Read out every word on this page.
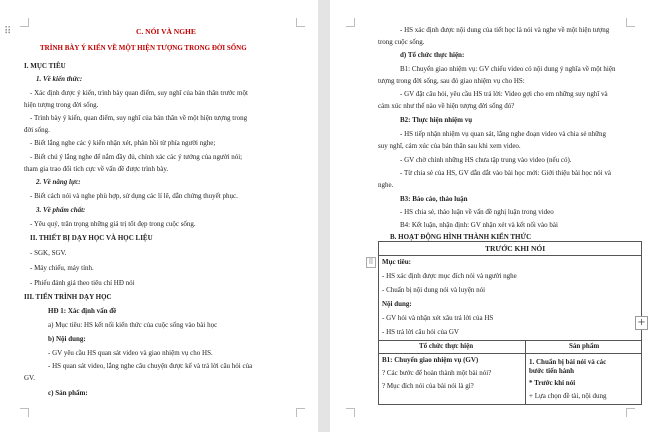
⠿	C. NÓI VÀ NGHE
TRÌNH BÀY Ý KIẾN VỀ MỘT HIỆN TƯỢNG TRONG ĐỜI SỐNG
I. MỤC TIÊU
1. Về kiến thức:
- Xác định được ý kiến, trình bày quan điểm, suy nghĩ của bản thân trước một
hiện tượng trong đời sống.
- Trình bày ý kiến, quan điểm, suy nghĩ của bản thân về một hiện tượng trong
đời sống.
- Biết lắng nghe các ý kiến nhận xét, phản hồi từ phía người nghe;
- Biết chú ý lắng nghe để nắm đầy đủ, chính xác các ý tưởng của người nói;
tham gia trao đổi tích cực về vấn đề được trình bày.
2. Về năng lực:
- Biết cách nói và nghe phù hợp, sử dụng các lí lẽ, dẫn chứng thuyết phục.
3. Về phẩm chất:
- Yêu quý, trân trọng những giá trị tốt đẹp trong cuộc sống.
II. THIẾT BỊ DẠY HỌC VÀ HỌC LIỆU
- SGK, SGV.
- Máy chiếu, máy tính.
- Phiếu đánh giá theo tiêu chí HĐ nói
III. TIẾN TRÌNH DẠY HỌC
HĐ 1: Xác định vấn đề
a) Mục tiêu: HS kết nối kiến thức của cuộc sống vào bài học
b) Nội dung:
- GV yêu cầu HS quan sát video và giao nhiệm vụ cho HS.
- HS quan sát video, lắng nghe câu chuyện được kể và trả lời câu hỏi của
GV.
c) Sản phẩm:
- HS xác định được nội dung của tiết học là nói và nghe về một hiện tượng
trong cuộc sống.
d) Tổ chức thực hiện:
B1: Chuyển giao nhiệm vụ: GV chiếu video có nội dung ý nghĩa về một hiện
tượng trong đời sống, sau đó giao nhiệm vụ cho HS:
- GV đặt câu hỏi, yêu cầu HS trả lời: Video gợi cho em những suy nghĩ và
cảm xúc như thế nào về hiện tượng đời sống đó?
B2: Thực hiện nhiệm vụ
- HS tiếp nhận nhiệm vụ quan sát, lắng nghe đoạn video và chia sẻ những
suy nghĩ, cảm xúc của bản thân sau khi xem video.
- GV chờ chỉnh những HS chưa tập trung vào video (nếu có).
- Từ chia sẻ của HS, GV dẫn dắt vào bài học mới: Giới thiệu bài học nói và
nghe.
B3: Báo cáo, thảo luận
- HS chia sẻ, thảo luận về vấn đề nghị luận trong video
B4: Kết luận, nhận định: GV nhận xét và kết nối vào bài
B. HOẠT ĐỘNG HÌNH THÀNH KIẾN THỨC
⠿
TRƯỚC KHI NÓI
Mục tiêu:
- HS xác định được mục đích nói và người nghe
- Chuẩn bị nội dung nói và luyện nói
Nội dung:
- GV hỏi và nhận xét xâu trả lời của HS
- HS trả lời câu hỏi của GV
Tổ chức thực hiện	Sản phẩm
B1: Chuyển giao nhiệm vụ (GV)
? Các bước để hoàn thành một bài nói?
? Mục đích nói của bài nói là gì?
1. Chuẩn bị bài nói và các
bước tiến hành
* Trước khi nói
+ Lựa chọn đề tài, nội dung
+
